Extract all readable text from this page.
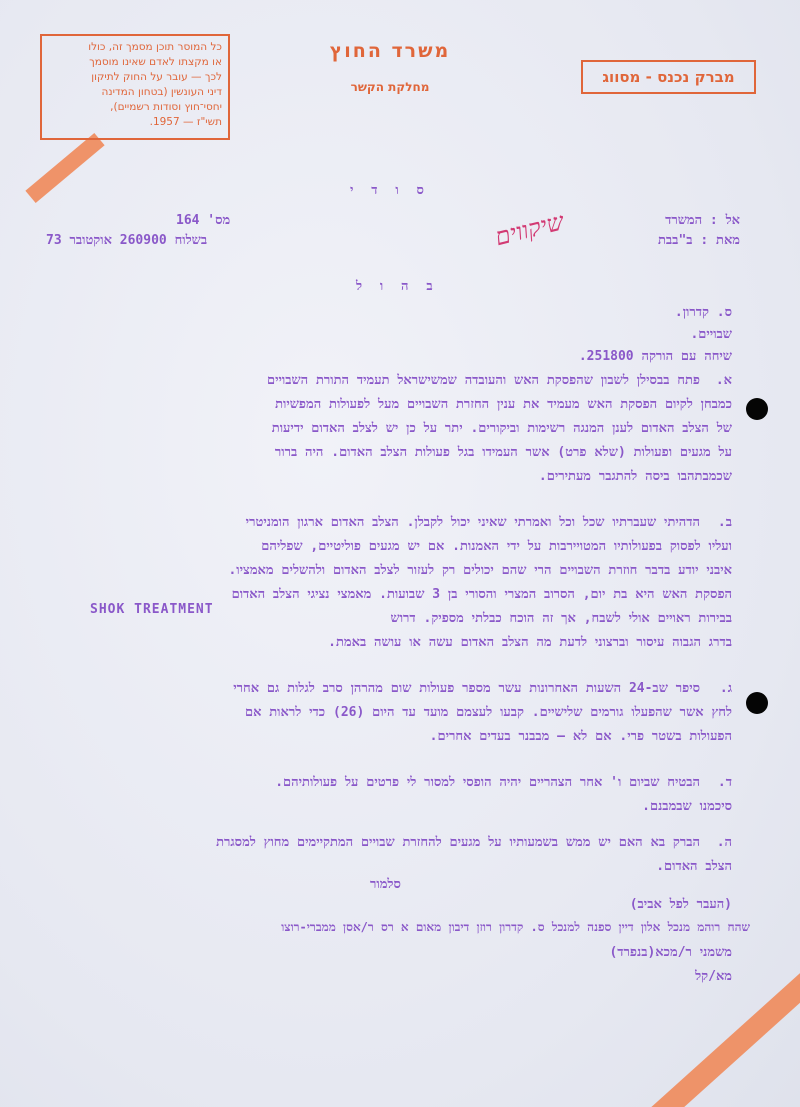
כל המוסר תוכן מסמך זה, כולו
או מקצתו לאדם שאינו מוסמך
לכך — עובר על החוק לתיקון
דיני העונשין (בטחון המדינה
יחסי־חוץ וסודות רשמיים),
תשי"ז — 1957.
משרד החוץ
מחלקת הקשר
מברק נכנס - מסווג
ס ו ד י
אל : המשרד
מאת : ב"בבת
מס' 164
בשלוח 260900 אוקטובר 73	שיקווים
ב ה ו ל
ס. קדרון.
שבויים.
שיחה עם הורקה 251800.
א.
פתח בבסילן לשבון שהפסקת האש והעובדה שמשישראל תעמיד התורת השבויים
כמבחן לקיום הפסקת האש מעמיד את ענין החזרת השבויים מעל לפעולות המפשיות
של הצלב האדום לענן המנגה רשימות וביקורים. יתר על כן יש לצלב האדום ידיעות
על מגעים ופעולות (שלא פרט) אשר העמידו בגל פעולות הצלב האדום. היה ברור
שכמבתהבו ביסה להתגבר מעתירים.
ב.
הדהיתי שעברתיו שכל וכל ואמרתי שאיני יכול לקבלן. הצלב האדום ארגון הומניטרי
ועליו לפסוק בפעולותיו המטויירבות על ידי האמנות. אם יש מגעים פוליטיים, שפליהם
איבני יודע בדבר חוזרת השבויים הרי שהם יכולים רק לעזור לצלב האדום ולהשלים מאמציו.
הפסקת האש היא בת יום, הסרוב המצרי והסורי בן 3 שבועות. מאמצי נציגי הצלב האדום
בבירות ראויים אולי לשבח, אך זה הוכח כבלתי מספיק. דרוש
SHOK TREATMENT
בדרג הגבוה עיסור וברצוני לדעת מה הצלב האדום עשה או עושה באמת.
ג.
סיפר שב-24 השעות האחרונות עשר מספר פעולות שום מהרהן סרב לגלות גם אחרי
לחץ אשר שהפעלו גורמים שלישיים. קבעו לעצמם מועד עד היום (26) כדי לראות אם
הפעולות בשטר פרי. אם לא — מבבנר בעדים אחרים.
ד.
הבטיח שביום ו' אחר הצהריים יהיה הופסי למסור לי פרטים על פעולותיהם.
סיכמנו שבמבנם.
ה.
הברק בא האם יש ממש בשמעותיו על מגעים להחזרת שבויים המתקיימים מחוץ למסגרת
הצלב האדום.
סלמור
(העבר לפל אביב)
שהח רוהמ מנכל אלון דיין ספנה למנכל ס. קדרון רוזן דיבון מאום א רס ר/אסן ממברי-רוצו
משמני ר/מכא(בנפרד)
מא/קל
